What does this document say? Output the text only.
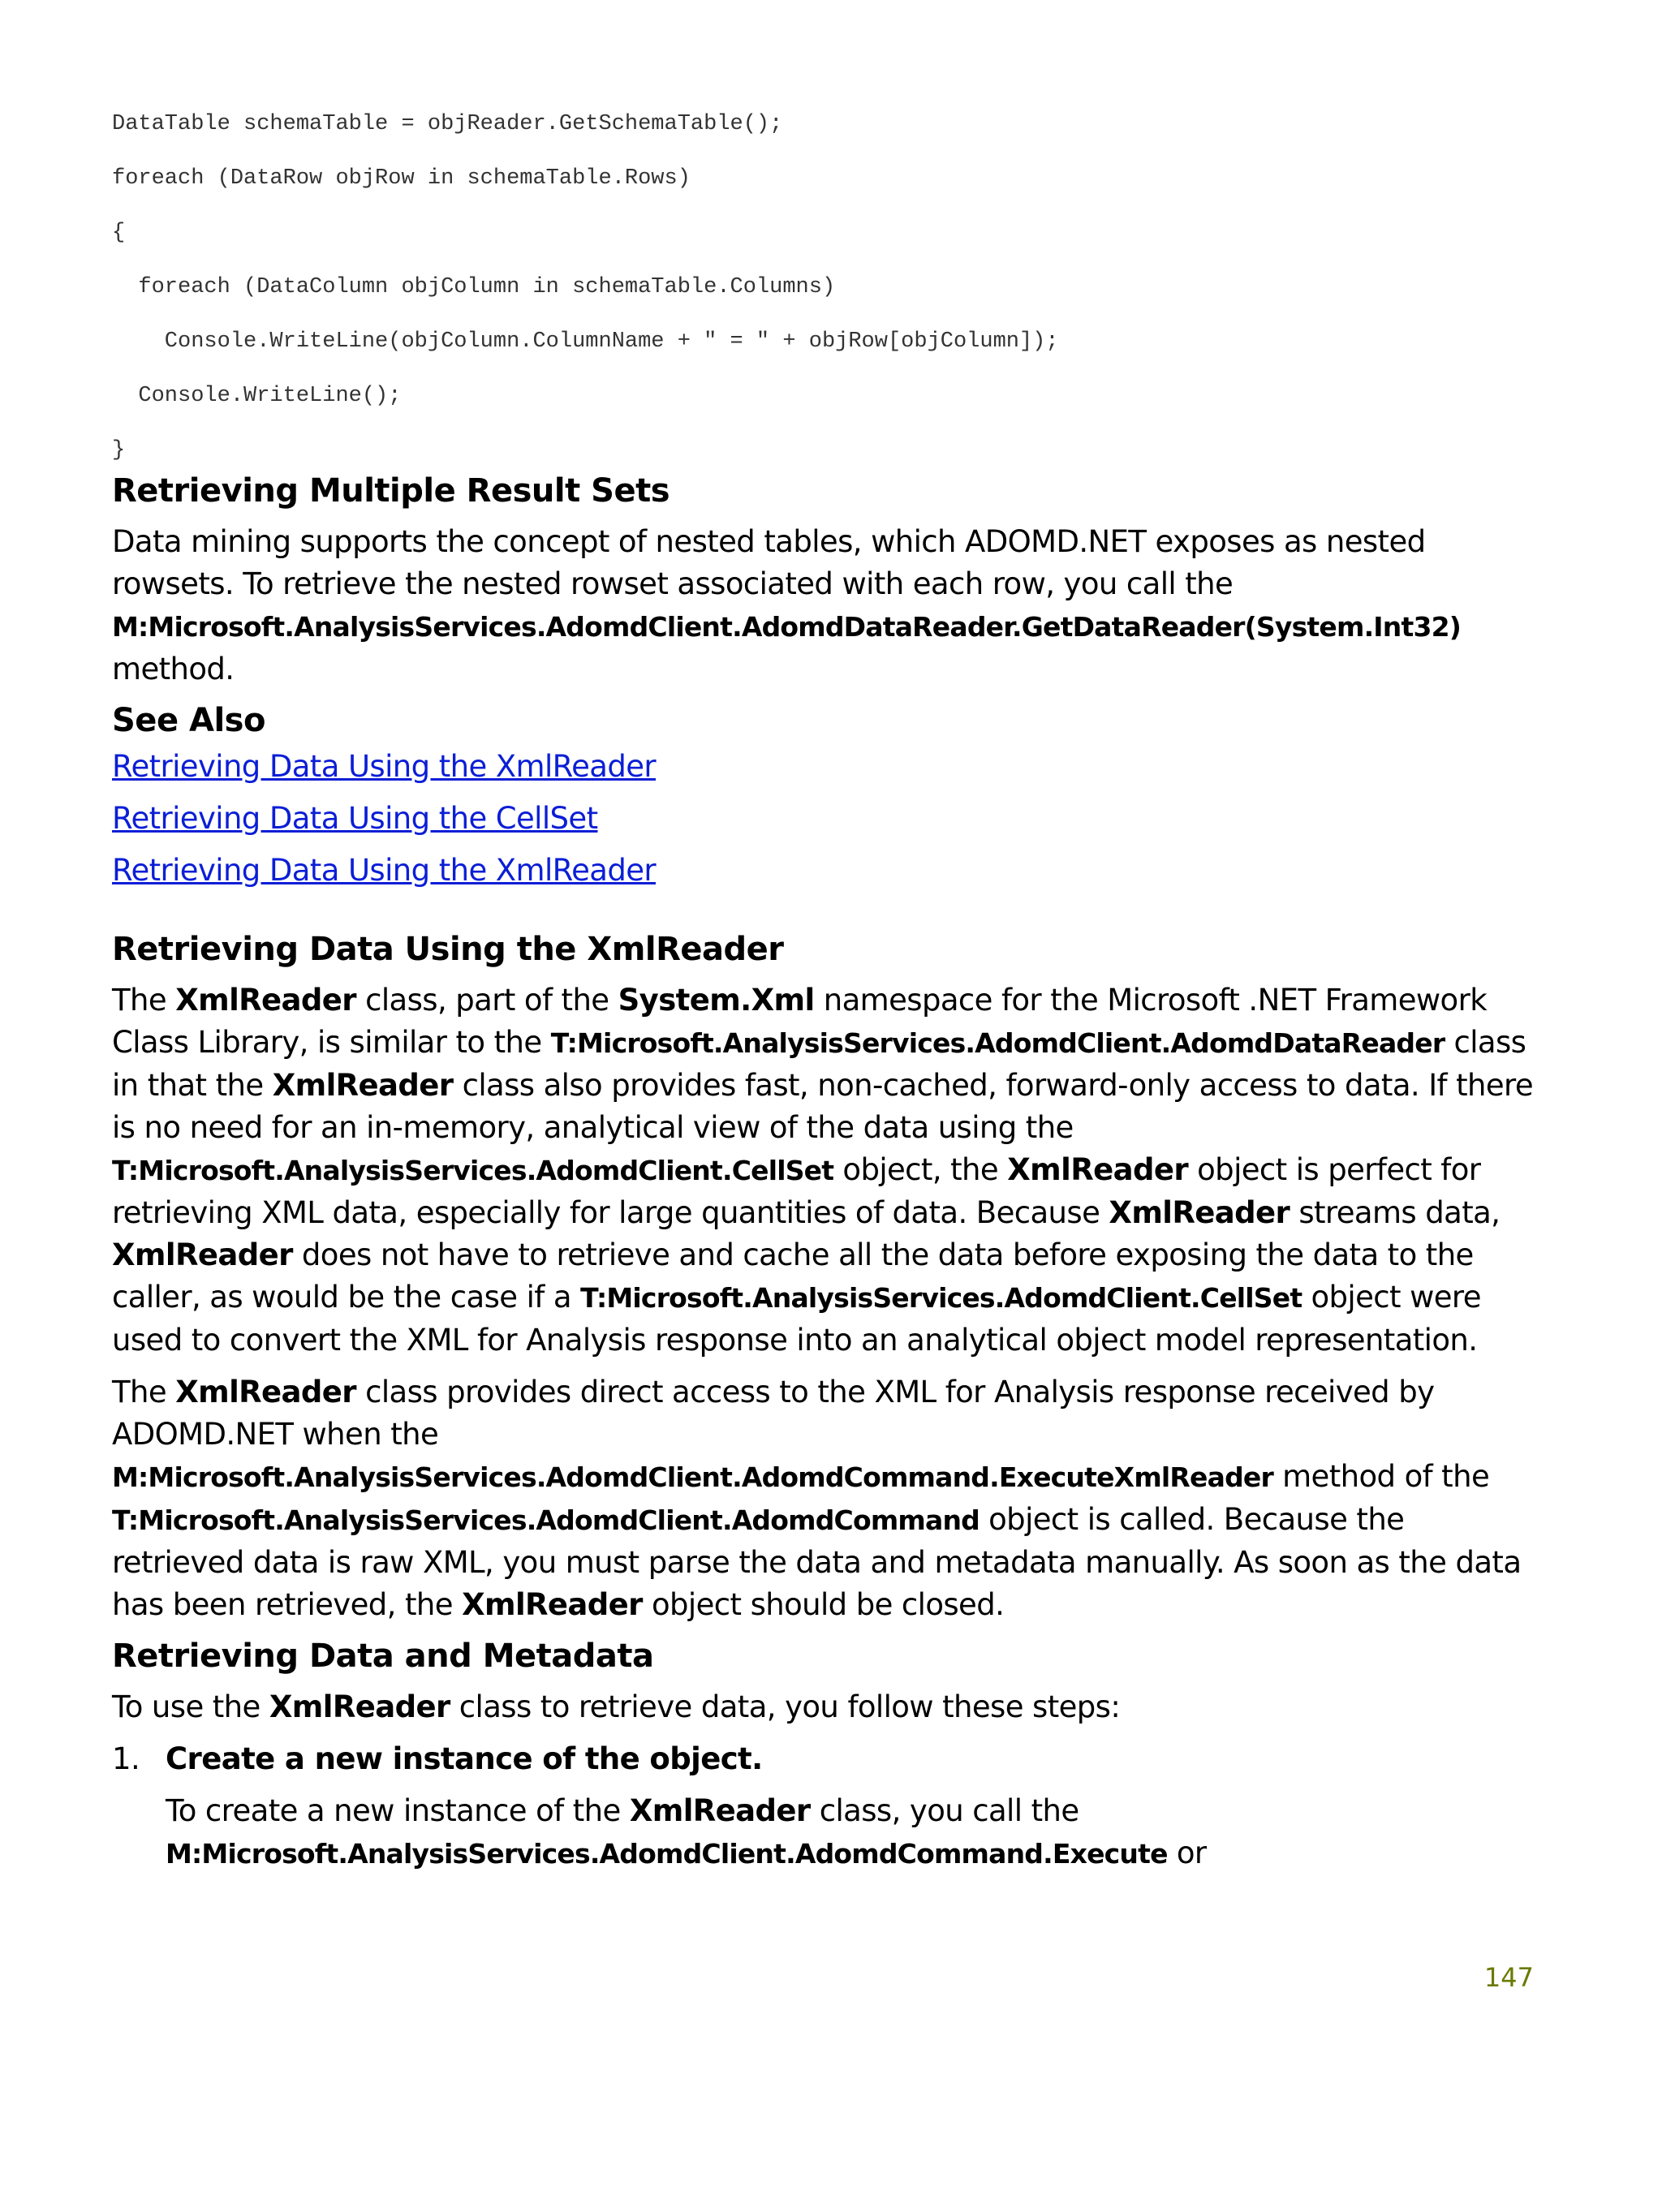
DataTable schemaTable = objReader.GetSchemaTable();
foreach (DataRow objRow in schemaTable.Rows)
{
foreach (DataColumn objColumn in schemaTable.Columns)
Console.WriteLine(objColumn.ColumnName + " = " + objRow[objColumn]);
Console.WriteLine();
}
Retrieving Multiple Result Sets

Data mining supports the concept of nested tables, which ADOMD.NET exposes as nested rowsets. To retrieve the nested rowset associated with each row, you call the
M:Microsoft.AnalysisServices.AdomdClient.AdomdDataReader.GetDataReader(System.Int32)
method.

See Also
Retrieving Data Using the XmlReader
Retrieving Data Using the CellSet
Retrieving Data Using the XmlReader
Retrieving Data Using the XmlReader

The XmlReader class, part of the System.Xml namespace for the Microsoft .NET Framework Class Library, is similar to the T:Microsoft.AnalysisServices.AdomdClient.AdomdDataReader class in that the XmlReader class also provides fast, non-cached, forward-only access to data. If there is no need for an in-memory, analytical view of the data using the T:Microsoft.AnalysisServices.AdomdClient.CellSet object, the XmlReader object is perfect for retrieving XML data, especially for large quantities of data. Because XmlReader streams data, XmlReader does not have to retrieve and cache all the data before exposing the data to the caller, as would be the case if a T:Microsoft.AnalysisServices.AdomdClient.CellSet object were used to convert the XML for Analysis response into an analytical object model representation.

The XmlReader class provides direct access to the XML for Analysis response received by ADOMD.NET when the
M:Microsoft.AnalysisServices.AdomdClient.AdomdCommand.ExecuteXmlReader method of the
T:Microsoft.AnalysisServices.AdomdClient.AdomdCommand object is called. Because the retrieved data is raw XML, you must parse the data and metadata manually. As soon as the data has been retrieved, the XmlReader object should be closed.

Retrieving Data and Metadata

To use the XmlReader class to retrieve data, you follow these steps:

1. Create a new instance of the object.

To create a new instance of the XmlReader class, you call the
M:Microsoft.AnalysisServices.AdomdClient.AdomdCommand.Execute or

147
